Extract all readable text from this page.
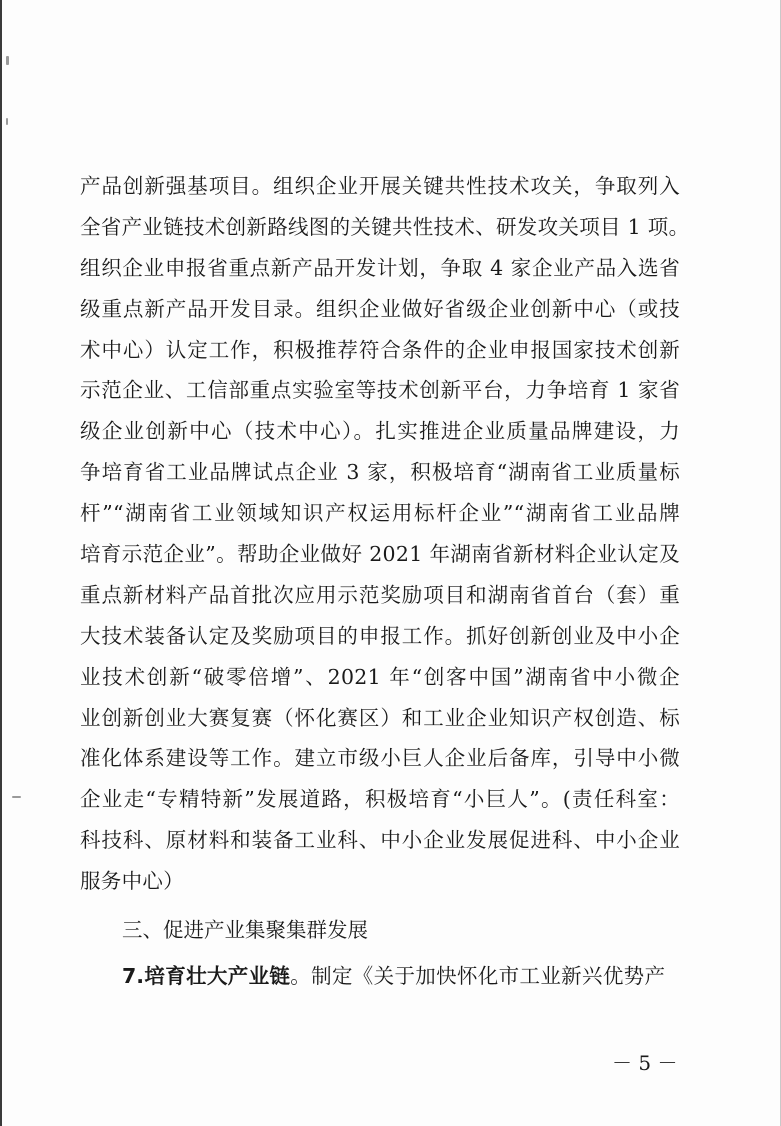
产品创新强基项目。组织企业开展关键共性技术攻关，争取列入
全省产业链技术创新路线图的关键共性技术、研发攻关项目 1 项。
组织企业申报省重点新产品开发计划，争取 4 家企业产品入选省
级重点新产品开发目录。组织企业做好省级企业创新中心（或技
术中心）认定工作，积极推荐符合条件的企业申报国家技术创新
示范企业、工信部重点实验室等技术创新平台，力争培育 1 家省
级企业创新中心（技术中心）。扎实推进企业质量品牌建设，力
争培育省工业品牌试点企业 3 家，积极培育“湖南省工业质量标
杆”“湖南省工业领域知识产权运用标杆企业”“湖南省工业品牌
培育示范企业”。帮助企业做好 2021 年湖南省新材料企业认定及
重点新材料产品首批次应用示范奖励项目和湖南省首台（套）重
大技术装备认定及奖励项目的申报工作。抓好创新创业及中小企
业技术创新“破零倍增”、2021 年“创客中国”湖南省中小微企
业创新创业大赛复赛（怀化赛区）和工业企业知识产权创造、标
准化体系建设等工作。建立市级小巨人企业后备库，引导中小微
企业走“专精特新”发展道路，积极培育“小巨人”。(责任科室：
科技科、原材料和装备工业科、中小企业发展促进科、中小企业
服务中心）
三、促进产业集聚集群发展
7.培育壮大产业链。制定《关于加快怀化市工业新兴优势产
－ 5 －
